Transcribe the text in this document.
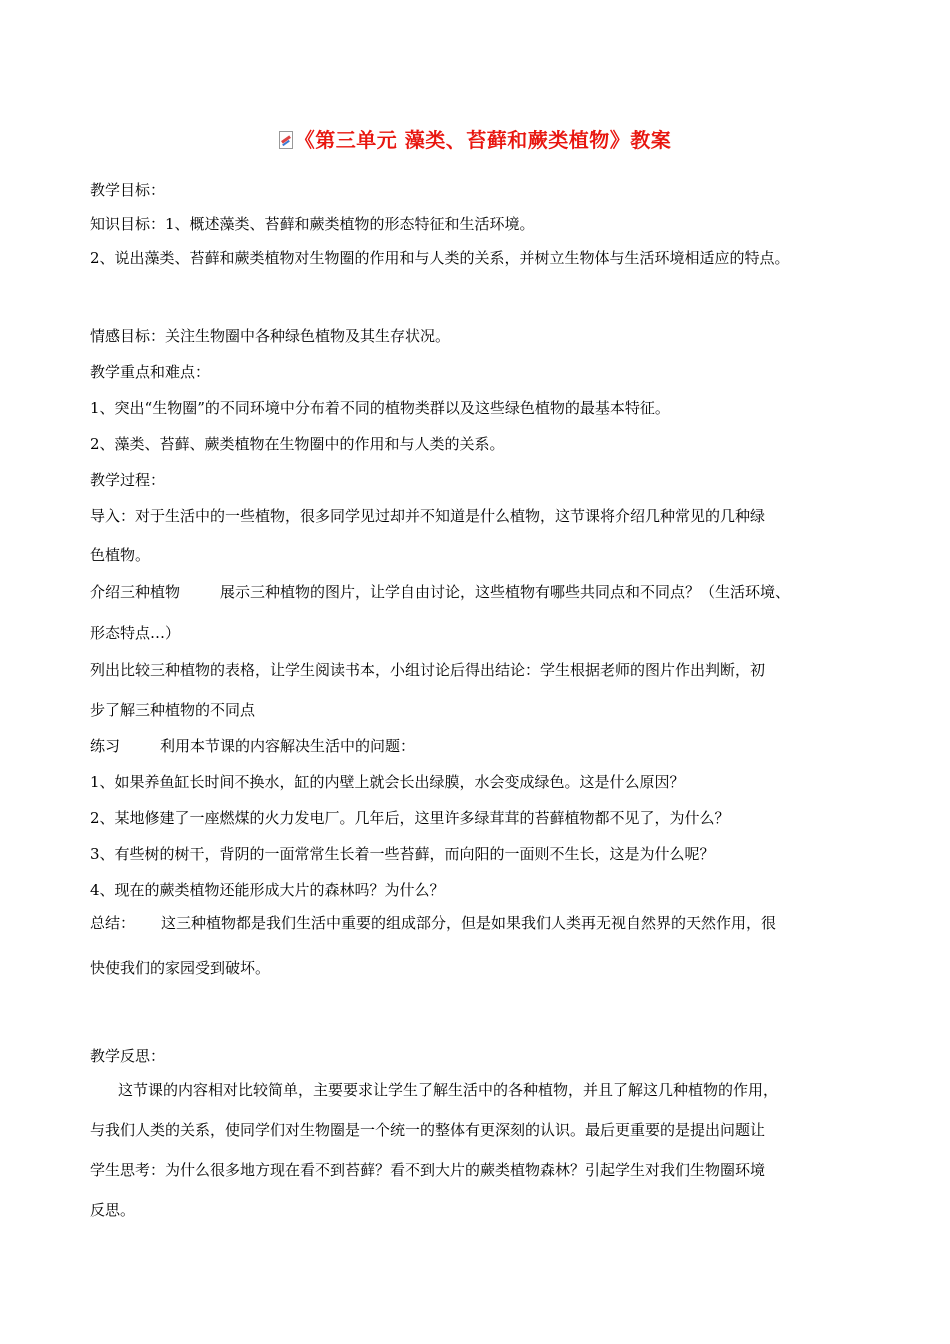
《第三单元 藻类、苔藓和蕨类植物》教案
教学目标：
知识目标：1、概述藻类、苔藓和蕨类植物的形态特征和生活环境。
2、说出藻类、苔藓和蕨类植物对生物圈的作用和与人类的关系，并树立生物体与生活环境相适应的特点。
情感目标：关注生物圈中各种绿色植物及其生存状况。
教学重点和难点：
1、突出“生物圈”的不同环境中分布着不同的植物类群以及这些绿色植物的最基本特征。
2、藻类、苔藓、蕨类植物在生物圈中的作用和与人类的关系。
教学过程：
导入：对于生活中的一些植物，很多同学见过却并不知道是什么植物，这节课将介绍几种常见的几种绿
色植物。
介绍三种植物	展示三种植物的图片，让学自由讨论，这些植物有哪些共同点和不同点？（生活环境、
形态特点…）
列出比较三种植物的表格，让学生阅读书本，小组讨论后得出结论：学生根据老师的图片作出判断，初
步了解三种植物的不同点
练习	利用本节课的内容解决生活中的问题：
1、如果养鱼缸长时间不换水，缸的内壁上就会长出绿膜，水会变成绿色。这是什么原因？
2、某地修建了一座燃煤的火力发电厂。几年后，这里许多绿茸茸的苔藓植物都不见了，为什么？
3、有些树的树干，背阴的一面常常生长着一些苔藓，而向阳的一面则不生长，这是为什么呢？
4、现在的蕨类植物还能形成大片的森林吗？为什么？
总结： 这三种植物都是我们生活中重要的组成部分，但是如果我们人类再无视自然界的天然作用，很
快使我们的家园受到破坏。
教学反思：
这节课的内容相对比较简单，主要要求让学生了解生活中的各种植物，并且了解这几种植物的作用，
与我们人类的关系，使同学们对生物圈是一个统一的整体有更深刻的认识。最后更重要的是提出问题让
学生思考：为什么很多地方现在看不到苔藓？看不到大片的蕨类植物森林？引起学生对我们生物圈环境
反思。
